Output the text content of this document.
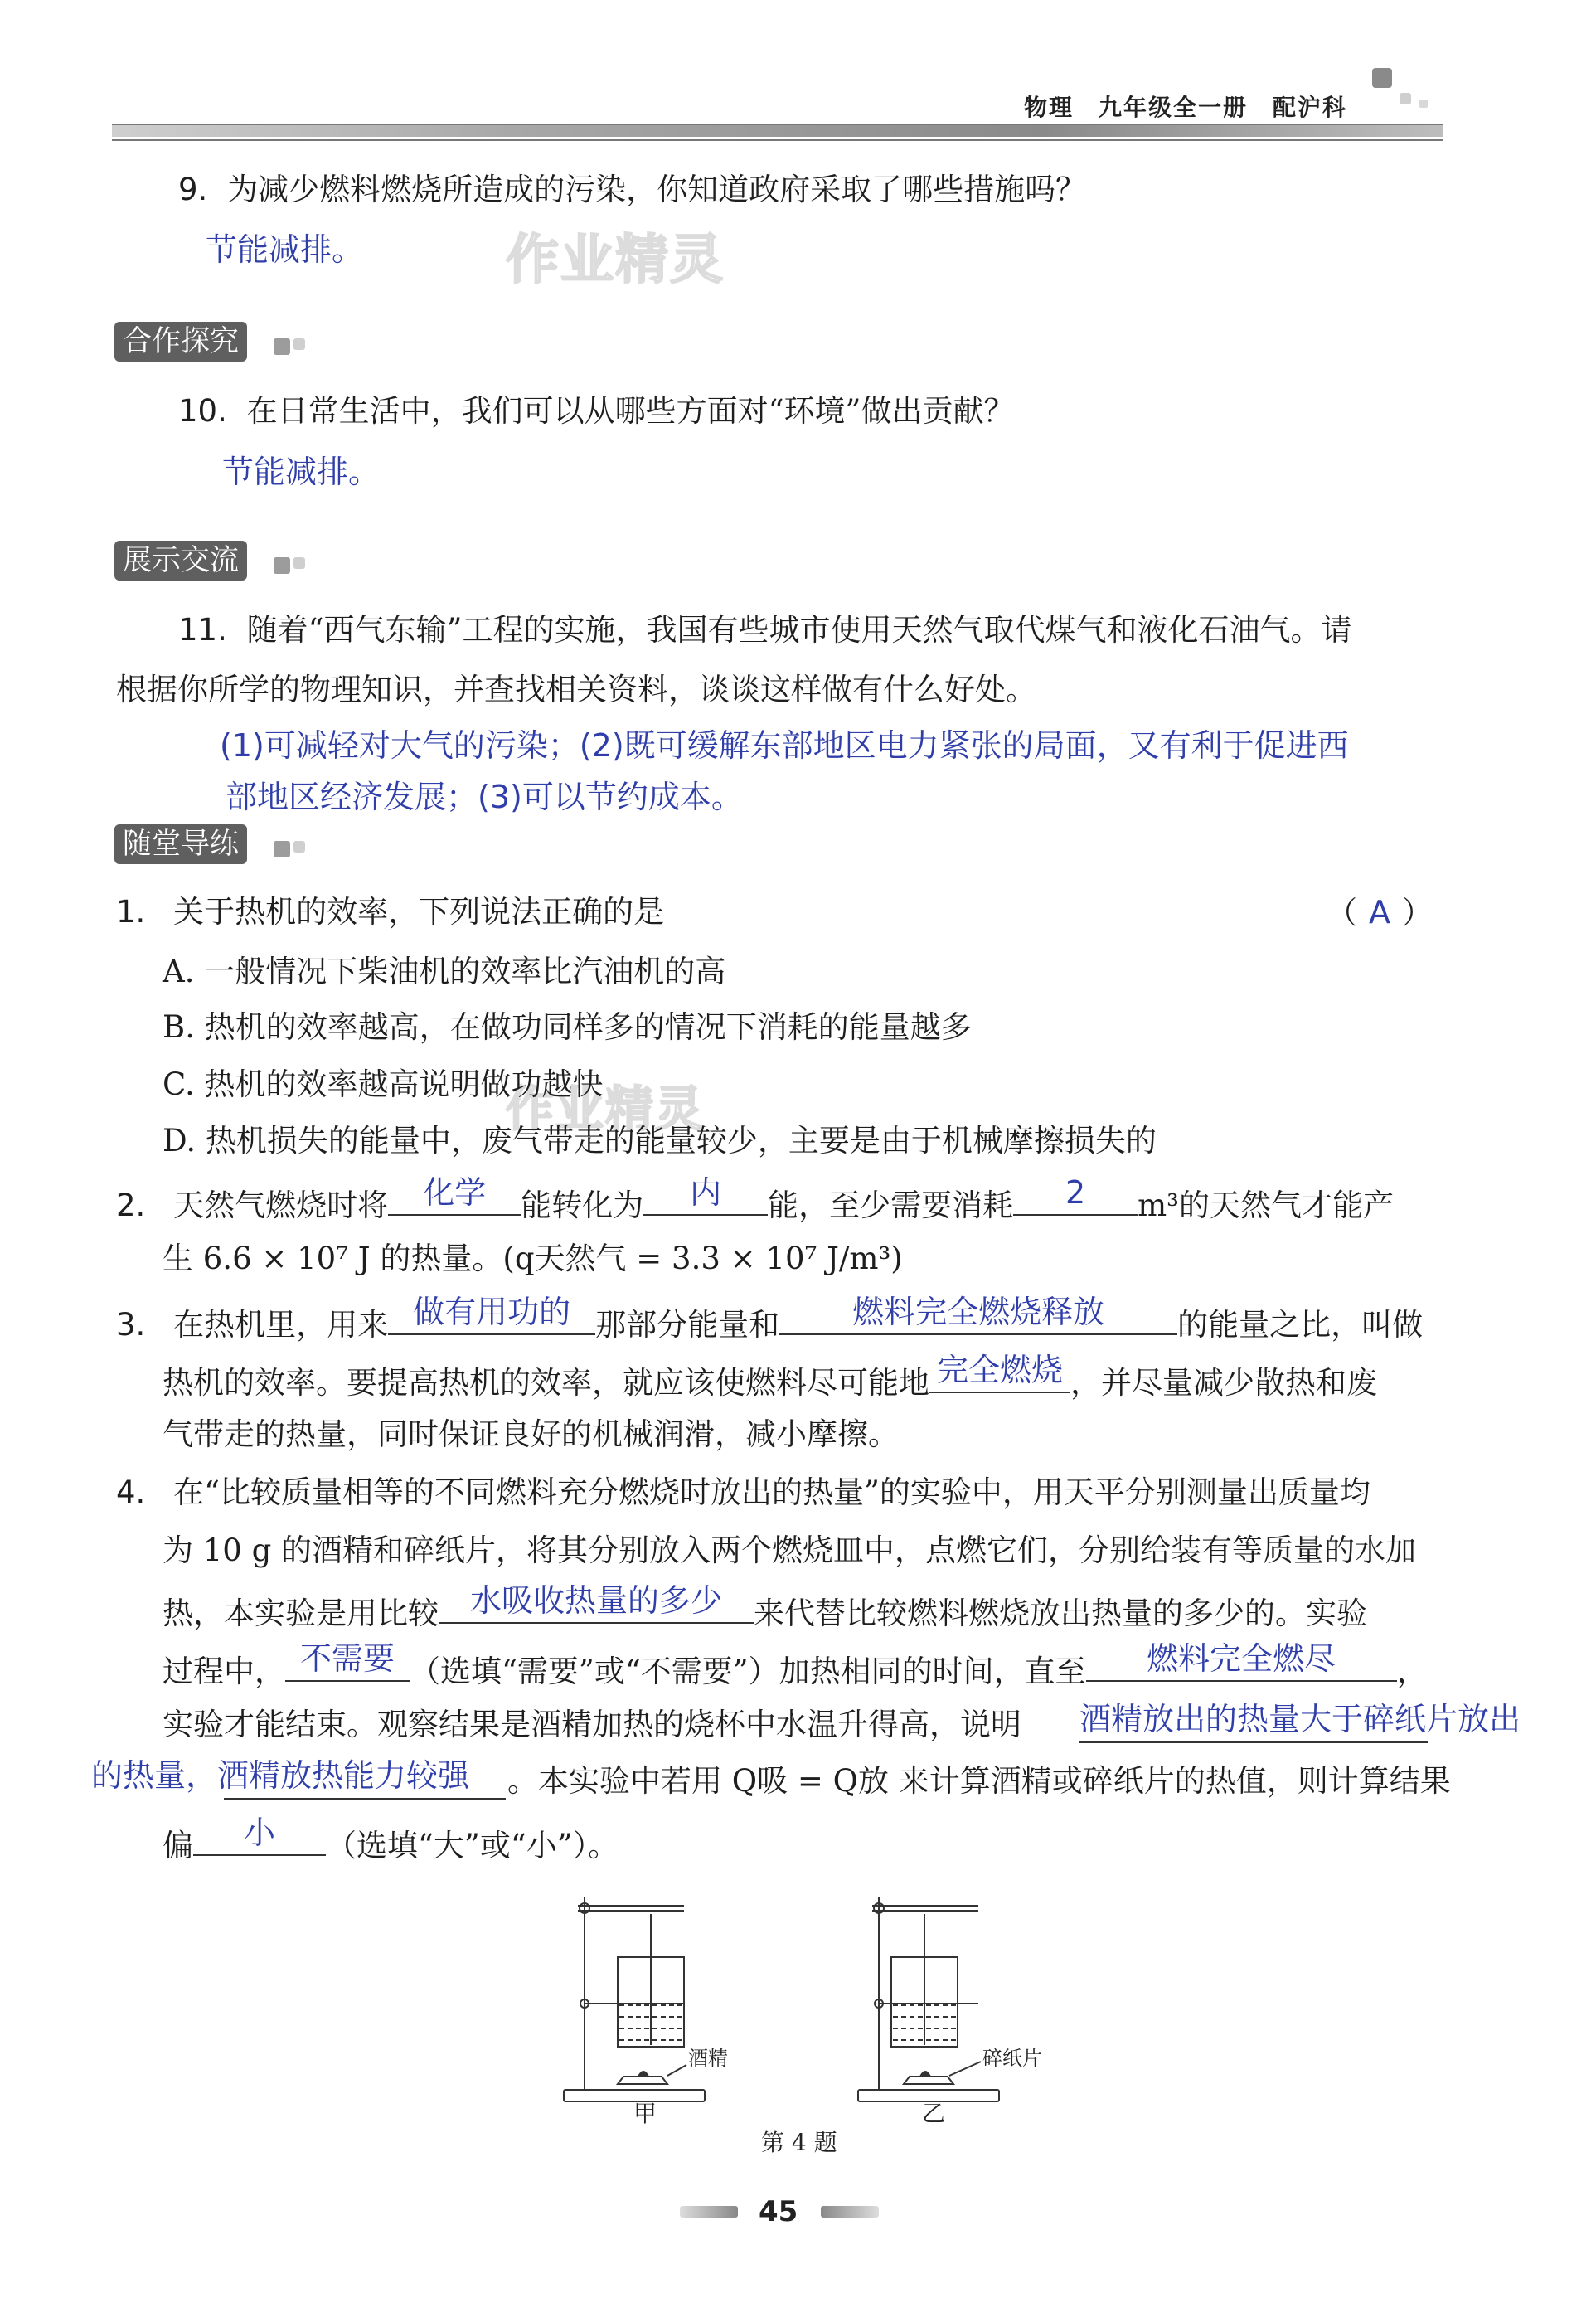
物理　九年级全一册　配沪科
作业精灵
作业精灵
9. 为减少燃料燃烧所造成的污染，你知道政府采取了哪些措施吗？
节能减排。
合作探究
10. 在日常生活中，我们可以从哪些方面对“环境”做出贡献？
节能减排。
展示交流
11. 随着“西气东输”工程的实施，我国有些城市使用天然气取代煤气和液化石油气。请
根据你所学的物理知识，并查找相关资料，谈谈这样做有什么好处。
(1)可减轻对大气的污染；(2)既可缓解东部地区电力紧张的局面，又有利于促进西
部地区经济发展；(3)可以节约成本。
随堂导练
1. 关于热机的效率，下列说法正确的是	（ A ）
A. 一般情况下柴油机的效率比汽油机的高
B. 热机的效率越高，在做功同样多的情况下消耗的能量越多
C. 热机的效率越高说明做功越快
D. 热机损失的能量中，废气带走的能量较少，主要是由于机械摩擦损失的
2. 天然气燃烧时将	化学	能转化为	内	能，至少需要消耗	2	m³的天然气才能产
生 6.6 × 10⁷ J 的热量。(q天然气 = 3.3 × 10⁷ J/m³)
3. 在热机里，用来 做有用功的 那部分能量和	燃料完全燃烧释放	的能量之比，叫做
热机的效率。要提高热机的效率，就应该使燃料尽可能地 完全燃烧 ，并尽量减少散热和废
气带走的热量，同时保证良好的机械润滑，减小摩擦。
4. 在“比较质量相等的不同燃料充分燃烧时放出的热量”的实验中，用天平分别测量出质量均
为 10 g 的酒精和碎纸片，将其分别放入两个燃烧皿中，点燃它们，分别给装有等质量的水加
热，本实验是用比较 水吸收热量的多少	来代替比较燃料燃烧放出热量的多少的。实验
过程中， 不需要 （选填“需要”或“不需要”）加热相同的时间，直至	燃料完全燃尽	，
实验才能结束。观察结果是酒精加热的烧杯中水温升得高，说明 酒精放出的热量大于碎纸片放出
的热量，酒精放热能力较强 。本实验中若用 Q吸 = Q放 来计算酒精或碎纸片的热值，则计算结果
偏	小	（选填“大”或“小”）。
酒精
甲
碎纸片
乙
第 4 题
45
